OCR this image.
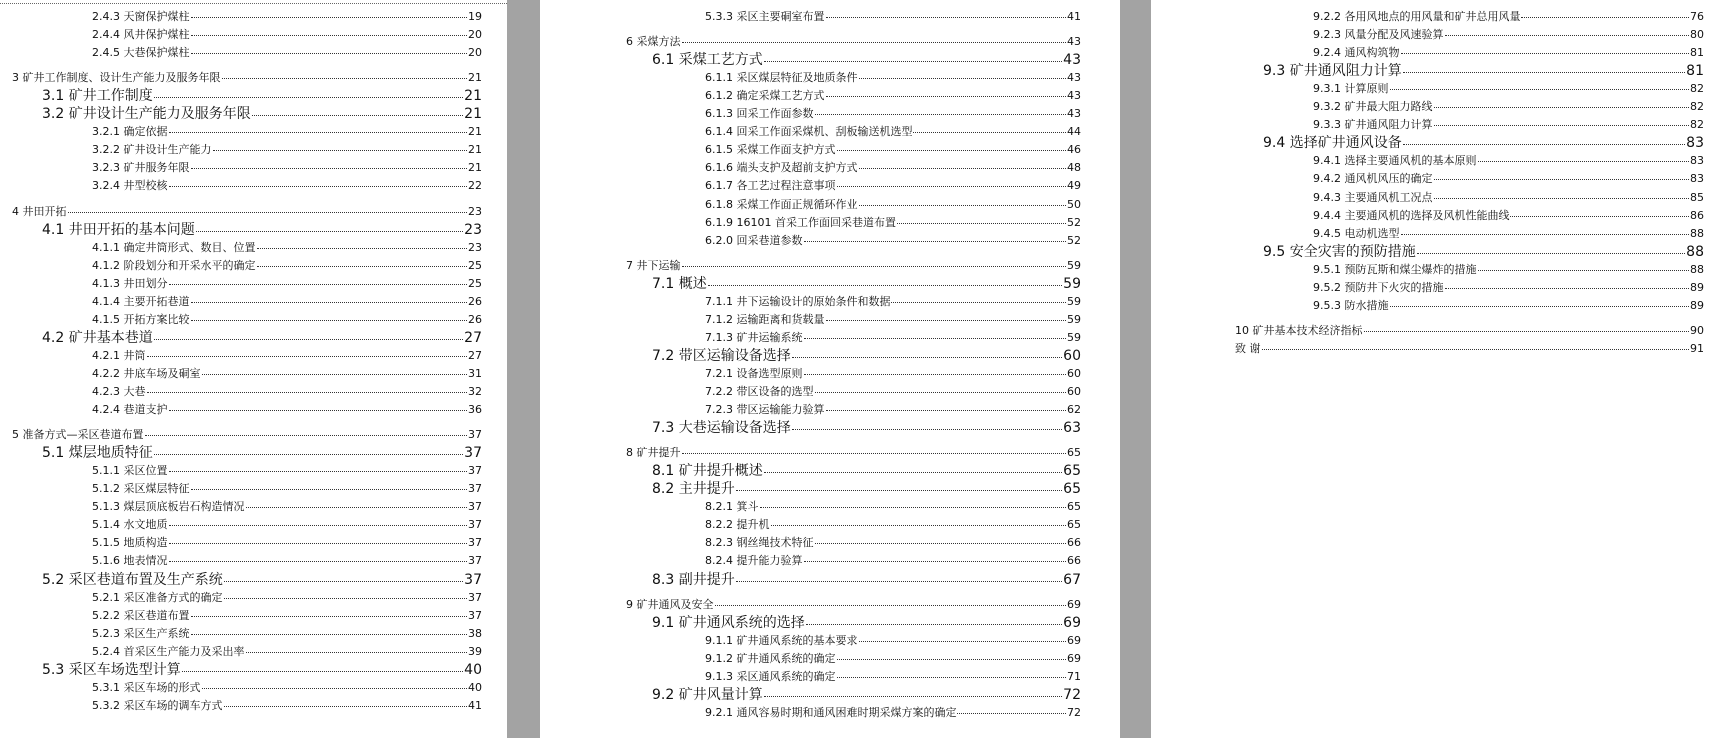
2.4.3 天窗保护煤柱	19
2.4.4 风井保护煤柱	20
2.4.5 大巷保护煤柱	20
3 矿井工作制度、设计生产能力及服务年限	21
3.1 矿井工作制度	21
3.2 矿井设计生产能力及服务年限	21
3.2.1 确定依据	21
3.2.2 矿井设计生产能力	21
3.2.3 矿井服务年限	21
3.2.4 井型校核	22
4 井田开拓	23
4.1 井田开拓的基本问题	23
4.1.1 确定井筒形式、数目、位置	23
4.1.2 阶段划分和开采水平的确定	25
4.1.3 井田划分	25
4.1.4 主要开拓巷道	26
4.1.5 开拓方案比较	26
4.2 矿井基本巷道	27
4.2.1 井筒	27
4.2.2 井底车场及硐室	31
4.2.3 大巷	32
4.2.4 巷道支护	36
5 准备方式—采区巷道布置	37
5.1 煤层地质特征	37
5.1.1 采区位置	37
5.1.2 采区煤层特征	37
5.1.3 煤层顶底板岩石构造情况	37
5.1.4 水文地质	37
5.1.5 地质构造	37
5.1.6 地表情况	37
5.2 采区巷道布置及生产系统	37
5.2.1 采区准备方式的确定	37
5.2.2 采区巷道布置	37
5.2.3 采区生产系统	38
5.2.4 首采区生产能力及采出率	39
5.3 采区车场选型计算	40
5.3.1 采区车场的形式	40
5.3.2 采区车场的调车方式	41
5.3.3 采区主要硐室布置	41
6 采煤方法	43
6.1 采煤工艺方式	43
6.1.1 采区煤层特征及地质条件	43
6.1.2 确定采煤工艺方式	43
6.1.3 回采工作面参数	43
6.1.4 回采工作面采煤机、刮板输送机选型	44
6.1.5 采煤工作面支护方式	46
6.1.6 端头支护及超前支护方式	48
6.1.7 各工艺过程注意事项	49
6.1.8 采煤工作面正规循环作业	50
6.1.9 16101 首采工作面回采巷道布置	52
6.2.0 回采巷道参数	52
7 井下运输	59
7.1 概述	59
7.1.1 井下运输设计的原始条件和数据	59
7.1.2 运输距离和货载量	59
7.1.3 矿井运输系统	59
7.2 带区运输设备选择	60
7.2.1 设备选型原则	60
7.2.2 带区设备的选型	60
7.2.3 带区运输能力验算	62
7.3 大巷运输设备选择	63
8 矿井提升	65
8.1 矿井提升概述	65
8.2 主井提升	65
8.2.1 箕斗	65
8.2.2 提升机	65
8.2.3 钢丝绳技术特征	66
8.2.4 提升能力验算	66
8.3 副井提升	67
9 矿井通风及安全	69
9.1 矿井通风系统的选择	69
9.1.1 矿井通风系统的基本要求	69
9.1.2 矿井通风系统的确定	69
9.1.3 采区通风系统的确定	71
9.2 矿井风量计算	72
9.2.1 通风容易时期和通风困难时期采煤方案的确定	72
9.2.2 各用风地点的用风量和矿井总用风量	76
9.2.3 风量分配及风速验算	80
9.2.4 通风构筑物	81
9.3 矿井通风阻力计算	81
9.3.1 计算原则	82
9.3.2 矿井最大阻力路线	82
9.3.3 矿井通风阻力计算	82
9.4 选择矿井通风设备	83
9.4.1 选择主要通风机的基本原则	83
9.4.2 通风机风压的确定	83
9.4.3 主要通风机工况点	85
9.4.4 主要通风机的选择及风机性能曲线	86
9.4.5 电动机选型	88
9.5 安全灾害的预防措施	88
9.5.1 预防瓦斯和煤尘爆炸的措施	88
9.5.2 预防井下火灾的措施	89
9.5.3 防水措施	89
10 矿井基本技术经济指标	90
致 谢	91
